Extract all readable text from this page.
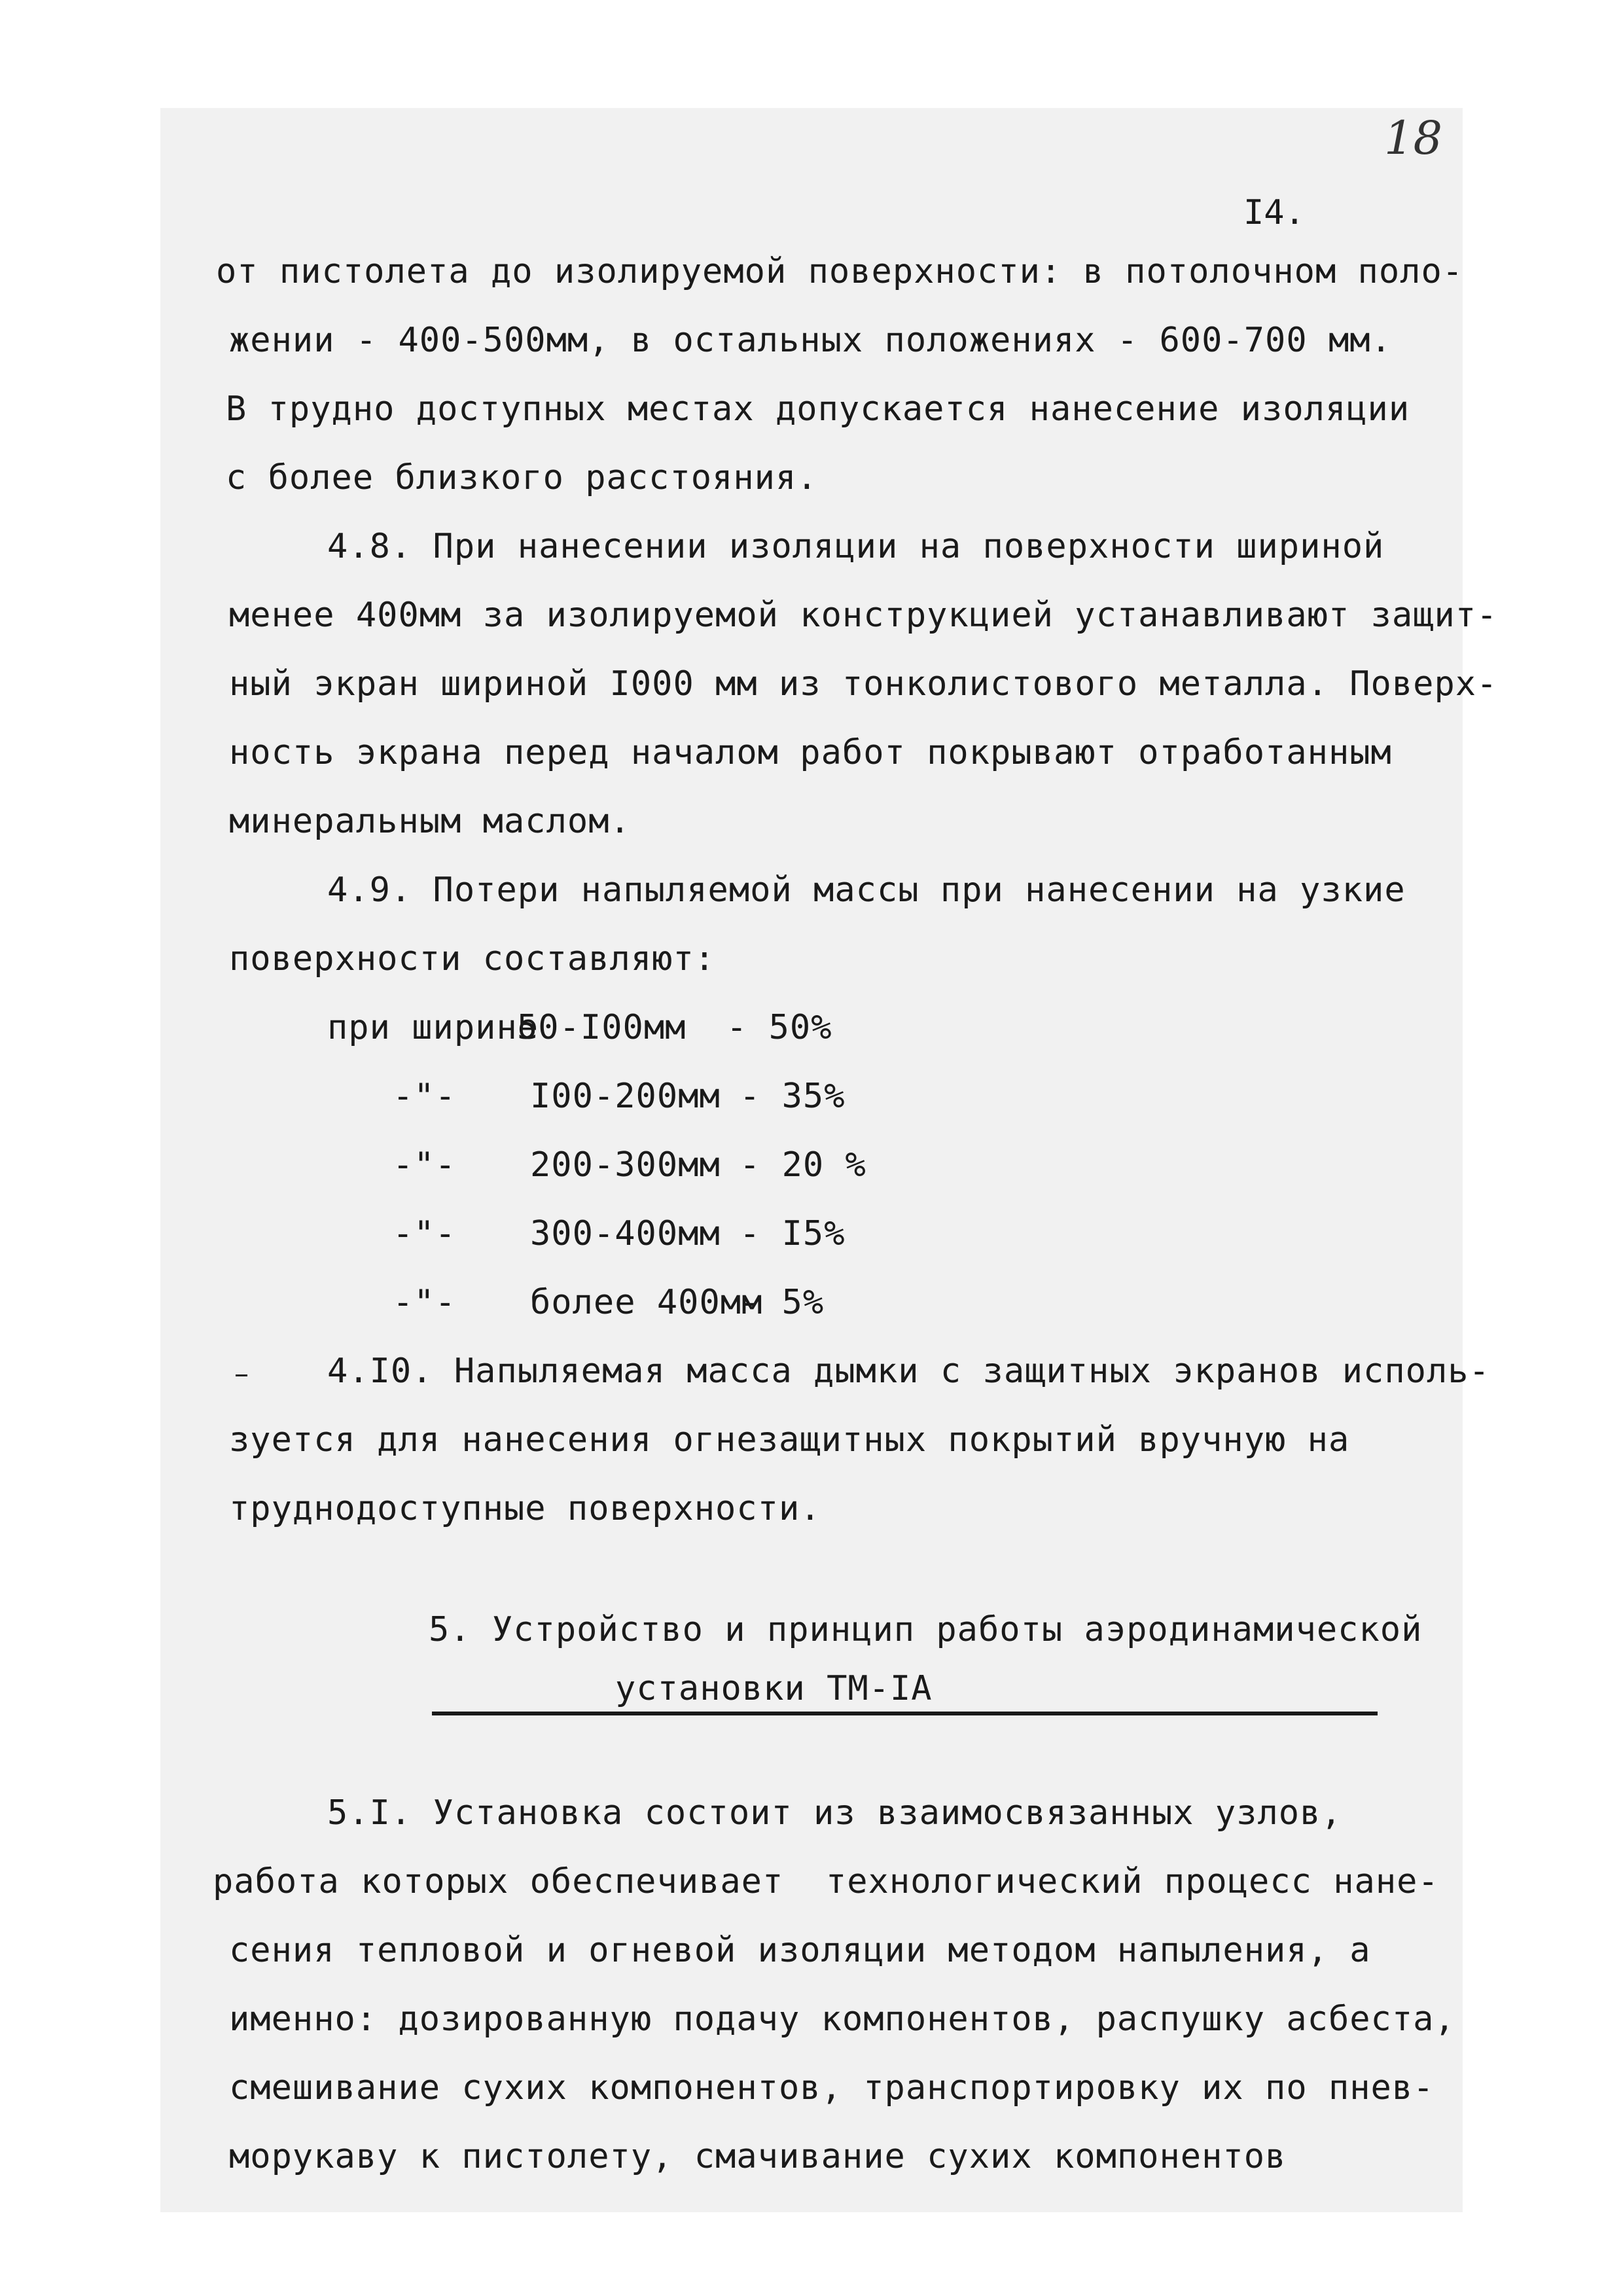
18
I4.
от пистолета до изолируемой поверхности: в потолочном поло-
жении - 400-500мм, в остальных положениях - 600-700 мм.
В трудно доступных местах допускается нанесение изоляции
с более близкого расстояния.
4.8. При нанесении изоляции на поверхности шириной
менее 400мм за изолируемой конструкцией устанавливают защит-
ный экран шириной I000 мм из тонколистового металла. Поверх-
ность экрана перед началом работ покрывают отработанным
минеральным маслом.
4.9. Потери напыляемой массы при нанесении на узкие
поверхности составляют:
при ширине
50-I00мм - 50%
-"- I00-200мм - 35%
-"- 200-300мм - 20 %
-"- 300-400мм - I5%
-"- более 400мм
- 5%
4.I0. Напыляемая масса дымки с защитных экранов исполь-
зуется для нанесения огнезащитных покрытий вручную на
труднодоступные поверхности.
5. Устройство и принцип работы аэродинамической
установки ТМ-IA
5.I. Установка состоит из взаимосвязанных узлов,
работа которых обеспечивает  технологический процесс нане-
сения тепловой и огневой изоляции методом напыления, а
именно: дозированную подачу компонентов, распушку асбеста,
смешивание сухих компонентов, транспортировку их по пнев-
морукаву к пистолету, смачивание сухих компонентов
